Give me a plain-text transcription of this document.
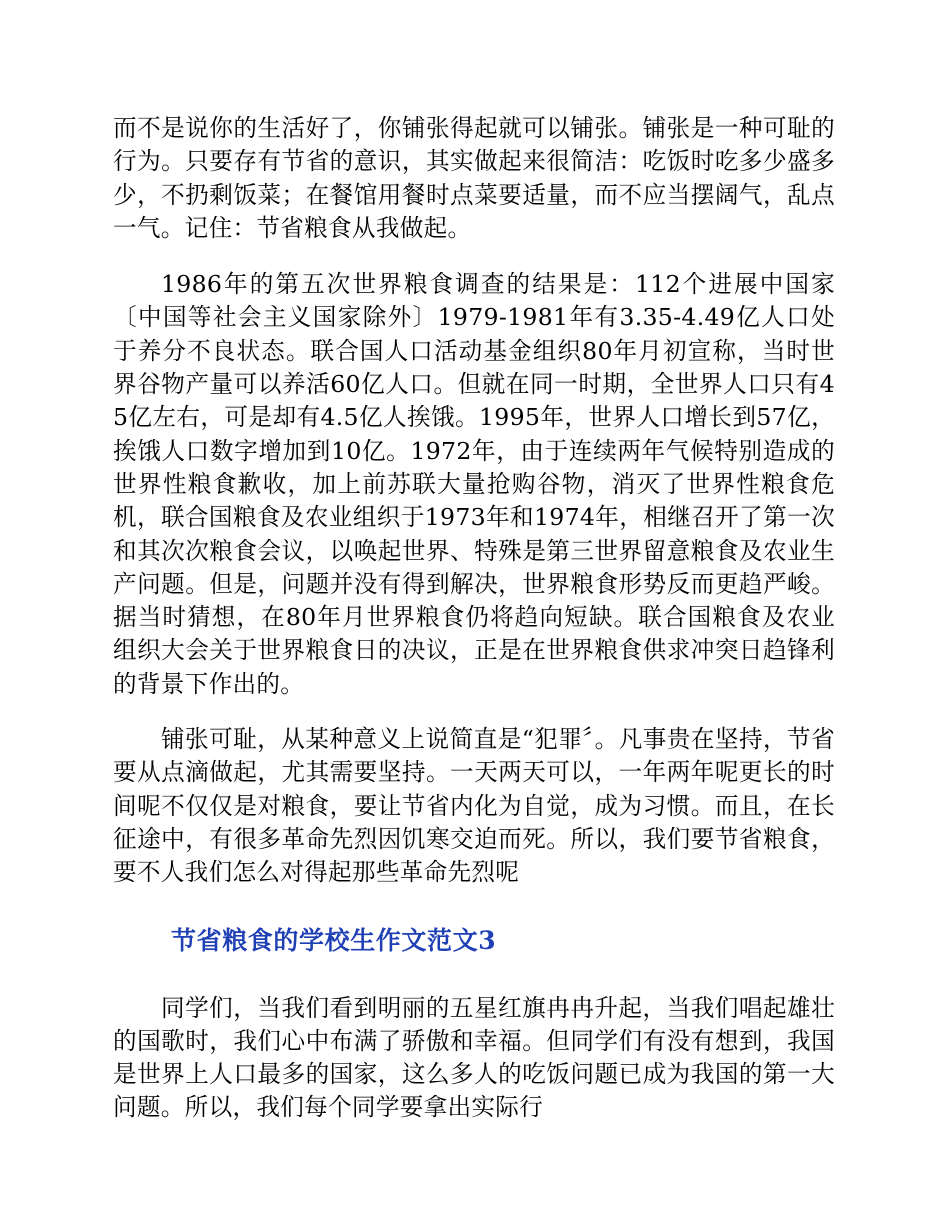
而不是说你的生活好了，你铺张得起就可以铺张。铺张是一种可耻的行为。只要存有节省的意识，其实做起来很简洁：吃饭时吃多少盛多少，不扔剩饭菜；在餐馆用餐时点菜要适量，而不应当摆阔气，乱点一气。记住：节省粮食从我做起。

1986年的第五次世界粮食调查的结果是：112个进展中国家〔中国等社会主义国家除外〕1979-1981年有3.35-4.49亿人口处于养分不良状态。联合国人口活动基金组织80年月初宣称，当时世界谷物产量可以养活60亿人口。但就在同一时期，全世界人口只有45亿左右，可是却有4.5亿人挨饿。1995年，世界人口增长到57亿，挨饿人口数字增加到10亿。1972年，由于连续两年气候特别造成的世界性粮食歉收，加上前苏联大量抢购谷物，消灭了世界性粮食危机，联合国粮食及农业组织于1973年和1974年，相继召开了第一次和其次次粮食会议，以唤起世界、特殊是第三世界留意粮食及农业生产问题。但是，问题并没有得到解决，世界粮食形势反而更趋严峻。据当时猜想，在80年月世界粮食仍将趋向短缺。联合国粮食及农业组织大会关于世界粮食日的决议，正是在世界粮食供求冲突日趋锋利的背景下作出的。

铺张可耻，从某种意义上说简直是“犯罪〞。凡事贵在坚持，节省要从点滴做起，尤其需要坚持。一天两天可以，一年两年呢更长的时间呢不仅仅是对粮食，要让节省内化为自觉，成为习惯。而且，在长征途中，有很多革命先烈因饥寒交迫而死。所以，我们要节省粮食，要不人我们怎么对得起那些革命先烈呢

节省粮食的学校生作文范文3

同学们，当我们看到明丽的五星红旗冉冉升起，当我们唱起雄壮的国歌时，我们心中布满了骄傲和幸福。但同学们有没有想到，我国是世界上人口最多的国家，这么多人的吃饭问题已成为我国的第一大问题。所以，我们每个同学要拿出实际行
